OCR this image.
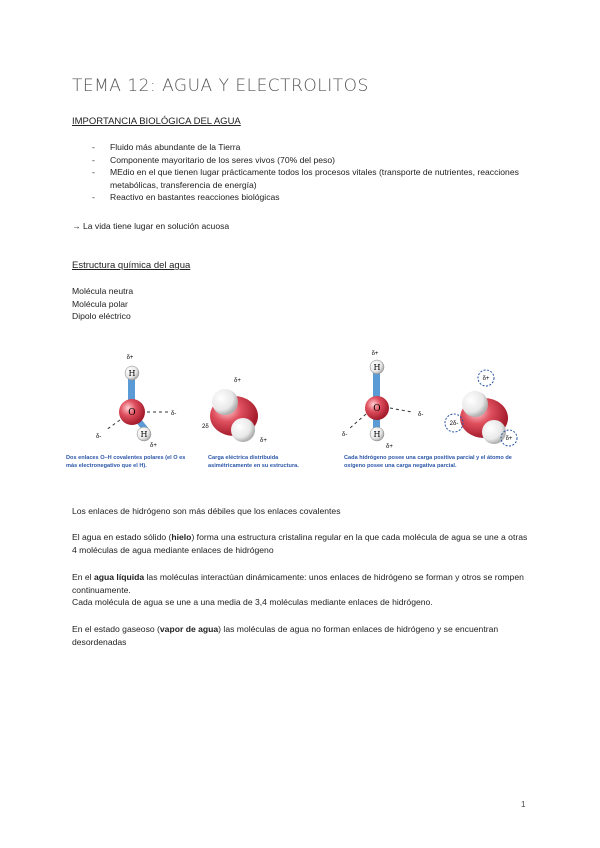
TEMA 12: AGUA Y ELECTROLITOS
IMPORTANCIA BIOLÓGICA DEL AGUA
- Fluido más abundante de la Tierra
- Componente mayoritario de los seres vivos (70% del peso)
- MEdio en el que tienen lugar prácticamente todos los procesos vitales (transporte de nutrientes, reacciones metabólicas, transferencia de energía)
- Reactivo en bastantes reacciones biológicas
→ La vida tiene lugar en solución acuosa
Estructura química del agua
Molécula neutra
Molécula polar
Dipolo eléctrico
H
O
H
δ+
δ+
δ-
δ-
δ+
2δ
δ+
H
O
H
δ+
δ+
δ-
δ-
δ+
2δ-
δ+
Dos enlaces O–H covalentes polares (el O es más electronegativo que el H).
Carga eléctrica distribuida asimétricamente en su estructura.
Cada hidrógeno posee una carga positiva parcial y el átomo de oxígeno posee una carga negativa parcial.
Los enlaces de hidrógeno son más débiles que los enlaces covalentes
El agua en estado sólido (hielo) forma una estructura cristalina regular en la que cada molécula de agua se une a otras 4 moléculas de agua mediante enlaces de hidrógeno
En el agua líquida las moléculas interactúan dinámicamente: unos enlaces de hidrógeno se forman y otros se rompen continuamente.
Cada molécula de agua se une a una media de 3,4 moléculas mediante enlaces de hidrógeno.
En el estado gaseoso (vapor de agua) las moléculas de agua no forman enlaces de hidrógeno y se encuentran desordenadas
1
